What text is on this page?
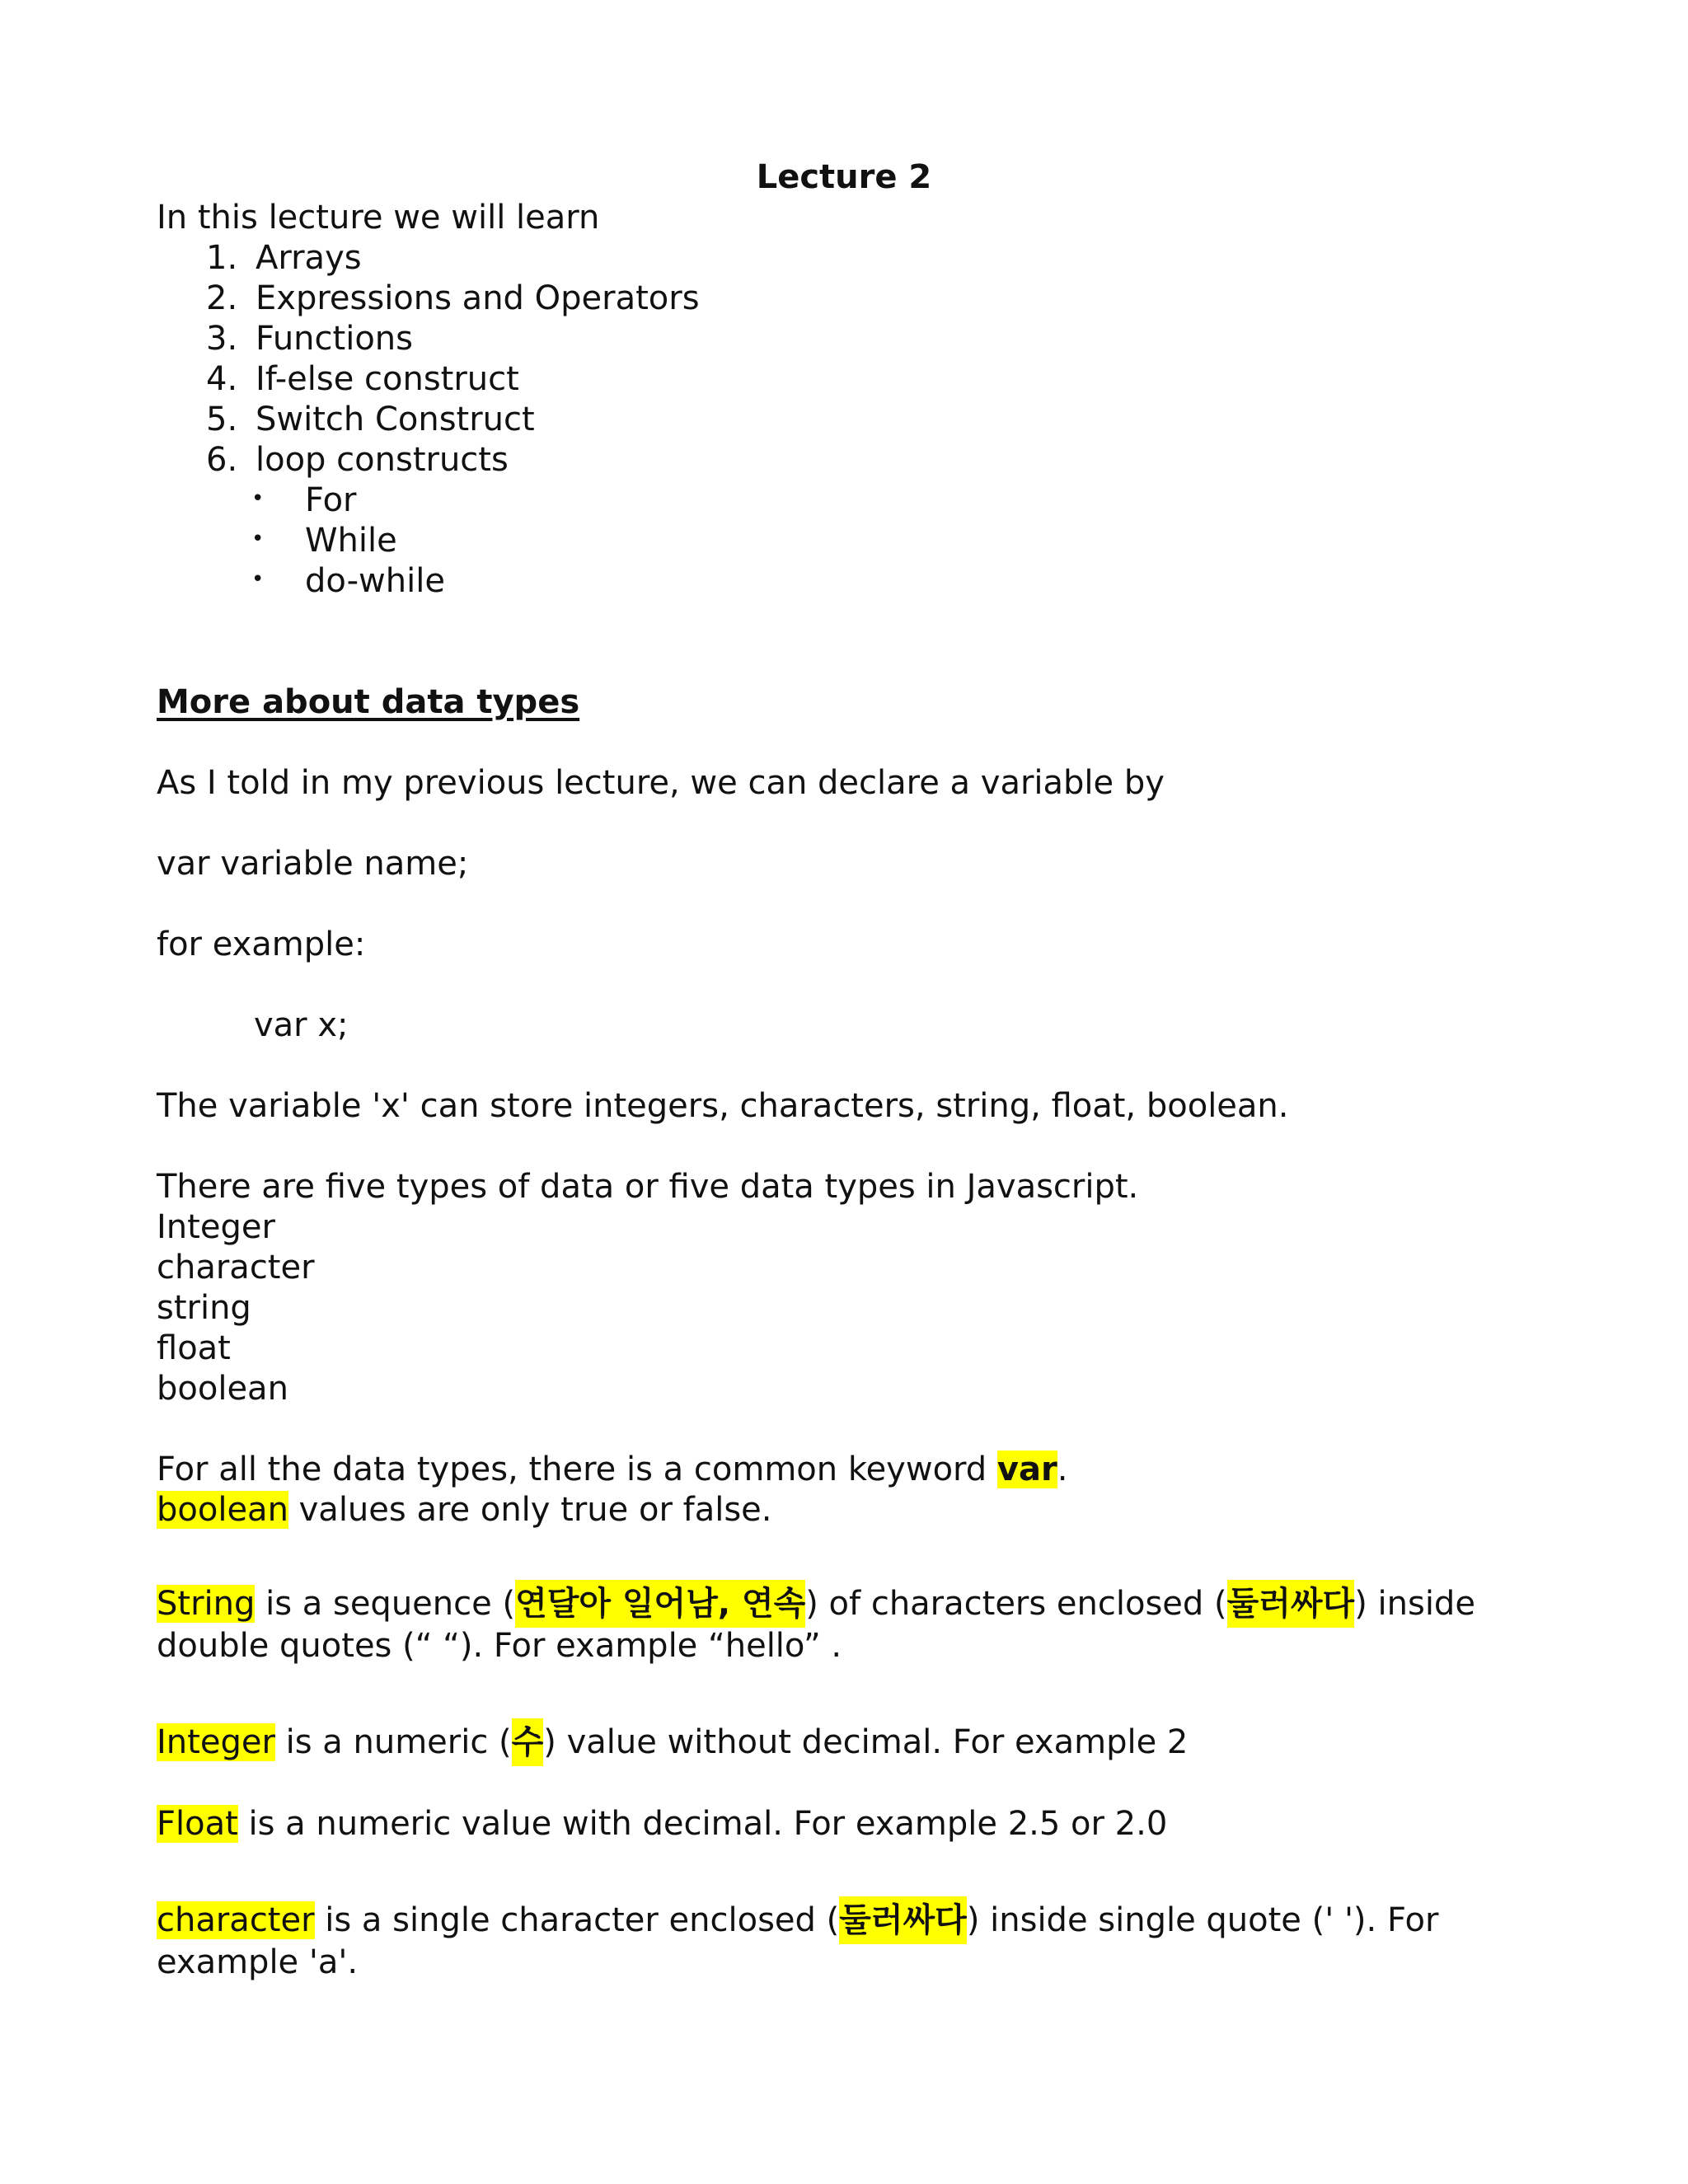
Lecture 2
In this lecture we will learn
1. Arrays
2. Expressions and Operators
3. Functions
4. If-else construct
5. Switch Construct
6. loop constructs
• For
• While
• do-while
More about data types
As I told in my previous lecture, we can declare a variable by
var variable name;
for example:
var x;
The variable 'x' can store integers, characters, string, float, boolean.
There are five types of data or five data types in Javascript.
Integer
character
string
float
boolean
For all the data types, there is a common keyword var.
boolean values are only true or false.
String is a sequence (연달아 일어남, 연속) of characters enclosed (둘러싸다) inside
double quotes (“ “). For example “hello” .
Integer is a numeric (수) value without decimal. For example 2
Float is a numeric value with decimal. For example 2.5 or 2.0
character is a single character enclosed (둘러싸다) inside single quote (' '). For
example 'a'.
